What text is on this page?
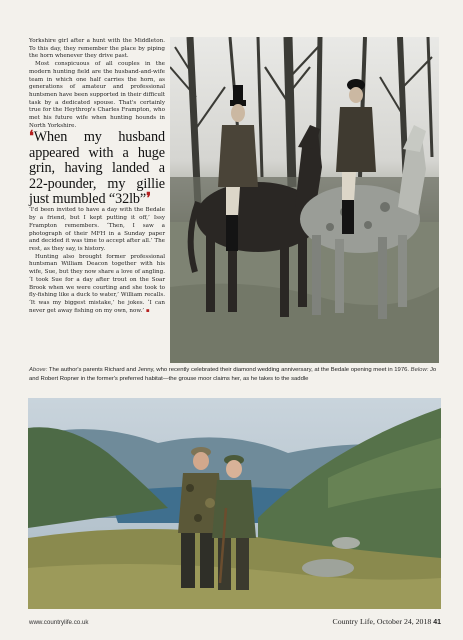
Yorkshire girl after a hunt with the Middleton. To this day, they remember the place by piping the horn whenever they drive past.

Most conspicuous of all couples in the modern hunting field are the husband-and-wife team in which one half carries the horn, as generations of amateur and professional huntsmen have been supported in their difficult task by a dedicated spouse. That's certainly true for the Heythrop's Charles Frampton, who met his future wife when hunting hounds in North Yorkshire.

❛When my husband appeared with a huge grin, having landed a 22-pounder, my gillie just mumbled “32lb”❜

‘I'd been invited to have a day with the Bedale by a friend, but I kept putting it off,’ Issy Frampton remembers. ‘Then, I saw a photograph of their MFH in a Sunday paper and decided it was time to accept after all.’ The rest, as they say, is history.

Hunting also brought former professional huntsman William Deacon together with his wife, Sue, but they now share a love of angling. ‘I took Sue for a day after trout on the Soar Brook when we were courting and she took to fly-fishing like a duck to water,’ William recalls. ‘It was my biggest mistake,’ he jokes. ‘I can never get away fishing on my own, now.’ ▪

Above: The author's parents Richard and Jenny, who recently celebrated their diamond wedding anniversary, at the Bedale opening meet in 1976. Below: Jo and Robert Ropner in the former's preferred habitat—the grouse moor claims her, as he takes to the saddle
www.countrylife.co.uk	Country Life, October 24, 2018 41
